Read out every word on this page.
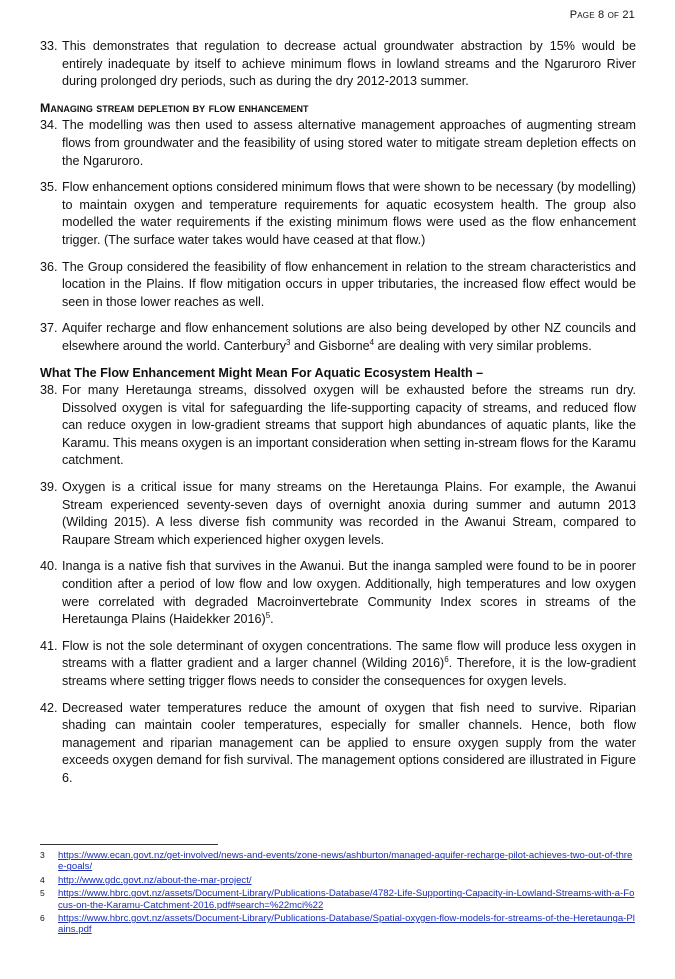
Page 8 of 21
33. This demonstrates that regulation to decrease actual groundwater abstraction by 15% would be entirely inadequate by itself to achieve minimum flows in lowland streams and the Ngaruroro River during prolonged dry periods, such as during the dry 2012-2013 summer.
Managing stream depletion by flow enhancement
34. The modelling was then used to assess alternative management approaches of augmenting stream flows from groundwater and the feasibility of using stored water to mitigate stream depletion effects on the Ngaruroro.
35. Flow enhancement options considered minimum flows that were shown to be necessary (by modelling) to maintain oxygen and temperature requirements for aquatic ecosystem health. The group also modelled the water requirements if the existing minimum flows were used as the flow enhancement trigger. (The surface water takes would have ceased at that flow.)
36. The Group considered the feasibility of flow enhancement in relation to the stream characteristics and location in the Plains. If flow mitigation occurs in upper tributaries, the increased flow effect would be seen in those lower reaches as well.
37. Aquifer recharge and flow enhancement solutions are also being developed by other NZ councils and elsewhere around the world. Canterbury$^3$ and Gisborne$^4$ are dealing with very similar problems.
What The Flow Enhancement Might Mean For Aquatic Ecosystem Health –
38. For many Heretaunga streams, dissolved oxygen will be exhausted before the streams run dry. Dissolved oxygen is vital for safeguarding the life-supporting capacity of streams, and reduced flow can reduce oxygen in low-gradient streams that support high abundances of aquatic plants, like the Karamu. This means oxygen is an important consideration when setting in-stream flows for the Karamu catchment.
39. Oxygen is a critical issue for many streams on the Heretaunga Plains. For example, the Awanui Stream experienced seventy-seven days of overnight anoxia during summer and autumn 2013 (Wilding 2015). A less diverse fish community was recorded in the Awanui Stream, compared to Raupare Stream which experienced higher oxygen levels.
40. Inanga is a native fish that survives in the Awanui. But the inanga sampled were found to be in poorer condition after a period of low flow and low oxygen. Additionally, high temperatures and low oxygen were correlated with degraded Macroinvertebrate Community Index scores in streams of the Heretaunga Plains (Haidekker 2016)$^5$.
41. Flow is not the sole determinant of oxygen concentrations. The same flow will produce less oxygen in streams with a flatter gradient and a larger channel (Wilding 2016)$^6$. Therefore, it is the low-gradient streams where setting trigger flows needs to consider the consequences for oxygen levels.
42. Decreased water temperatures reduce the amount of oxygen that fish need to survive. Riparian shading can maintain cooler temperatures, especially for smaller channels. Hence, both flow management and riparian management can be applied to ensure oxygen supply from the water exceeds oxygen demand for fish survival. The management options considered are illustrated in Figure 6.
3	https://www.ecan.govt.nz/get-involved/news-and-events/zone-news/ashburton/managed-aquifer-recharge-pilot-achieves-two-out-of-three-goals/
4	http://www.gdc.govt.nz/about-the-mar-project/
5	https://www.hbrc.govt.nz/assets/Document-Library/Publications-Database/4782-Life-Supporting-Capacity-in-Lowland-Streams-with-a-Focus-on-the-Karamu-Catchment-2016.pdf#search=%22mci%22
6	https://www.hbrc.govt.nz/assets/Document-Library/Publications-Database/Spatial-oxygen-flow-models-for-streams-of-the-Heretaunga-Plains.pdf
